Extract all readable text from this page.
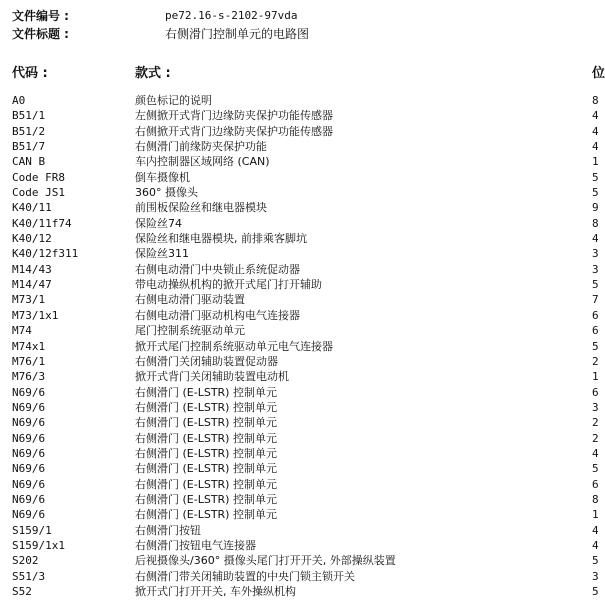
文件编号 :	pe72.16-s-2102-97vda
文件标题 :	右侧滑门控制单元的电路图
代码 :	款式 :	位
A0	颜色标记的说明	8
B51/1	左侧掀开式背门边缘防夹保护功能传感器	4
B51/2	右侧掀开式背门边缘防夹保护功能传感器	4
B51/7	右侧滑门前缘防夹保护功能	4
CAN B	车内控制器区域网络 (CAN)	1
Code FR8	倒车摄像机	5
Code JS1	360° 摄像头	5
K40/11	前围板保险丝和继电器模块	9
K40/11f74	保险丝74	8
K40/12	保险丝和继电器模块, 前排乘客脚坑	4
K40/12f311	保险丝311	3
M14/43	右侧电动滑门中央锁止系统促动器	3
M14/47	带电动操纵机构的掀开式尾门打开辅助	5
M73/1	右侧电动滑门驱动装置	7
M73/1x1	右侧电动滑门驱动机构电气连接器	6
M74	尾门控制系统驱动单元	6
M74x1	掀开式尾门控制系统驱动单元电气连接器	5
M76/1	右侧滑门关闭辅助装置促动器	2
M76/3	掀开式背门关闭辅助装置电动机	1
N69/6	右侧滑门 (E-LSTR) 控制单元	6
N69/6	右侧滑门 (E-LSTR) 控制单元	3
N69/6	右侧滑门 (E-LSTR) 控制单元	2
N69/6	右侧滑门 (E-LSTR) 控制单元	2
N69/6	右侧滑门 (E-LSTR) 控制单元	4
N69/6	右侧滑门 (E-LSTR) 控制单元	5
N69/6	右侧滑门 (E-LSTR) 控制单元	6
N69/6	右侧滑门 (E-LSTR) 控制单元	8
N69/6	右侧滑门 (E-LSTR) 控制单元	1
S159/1	右侧滑门按钮	4
S159/1x1	右侧滑门按钮电气连接器	4
S202	后视摄像头/360° 摄像头尾门打开开关, 外部操纵装置	5
S51/3	右侧滑门带关闭辅助装置的中央门锁主锁开关	3
S52	掀开式门打开开关, 车外操纵机构	5
